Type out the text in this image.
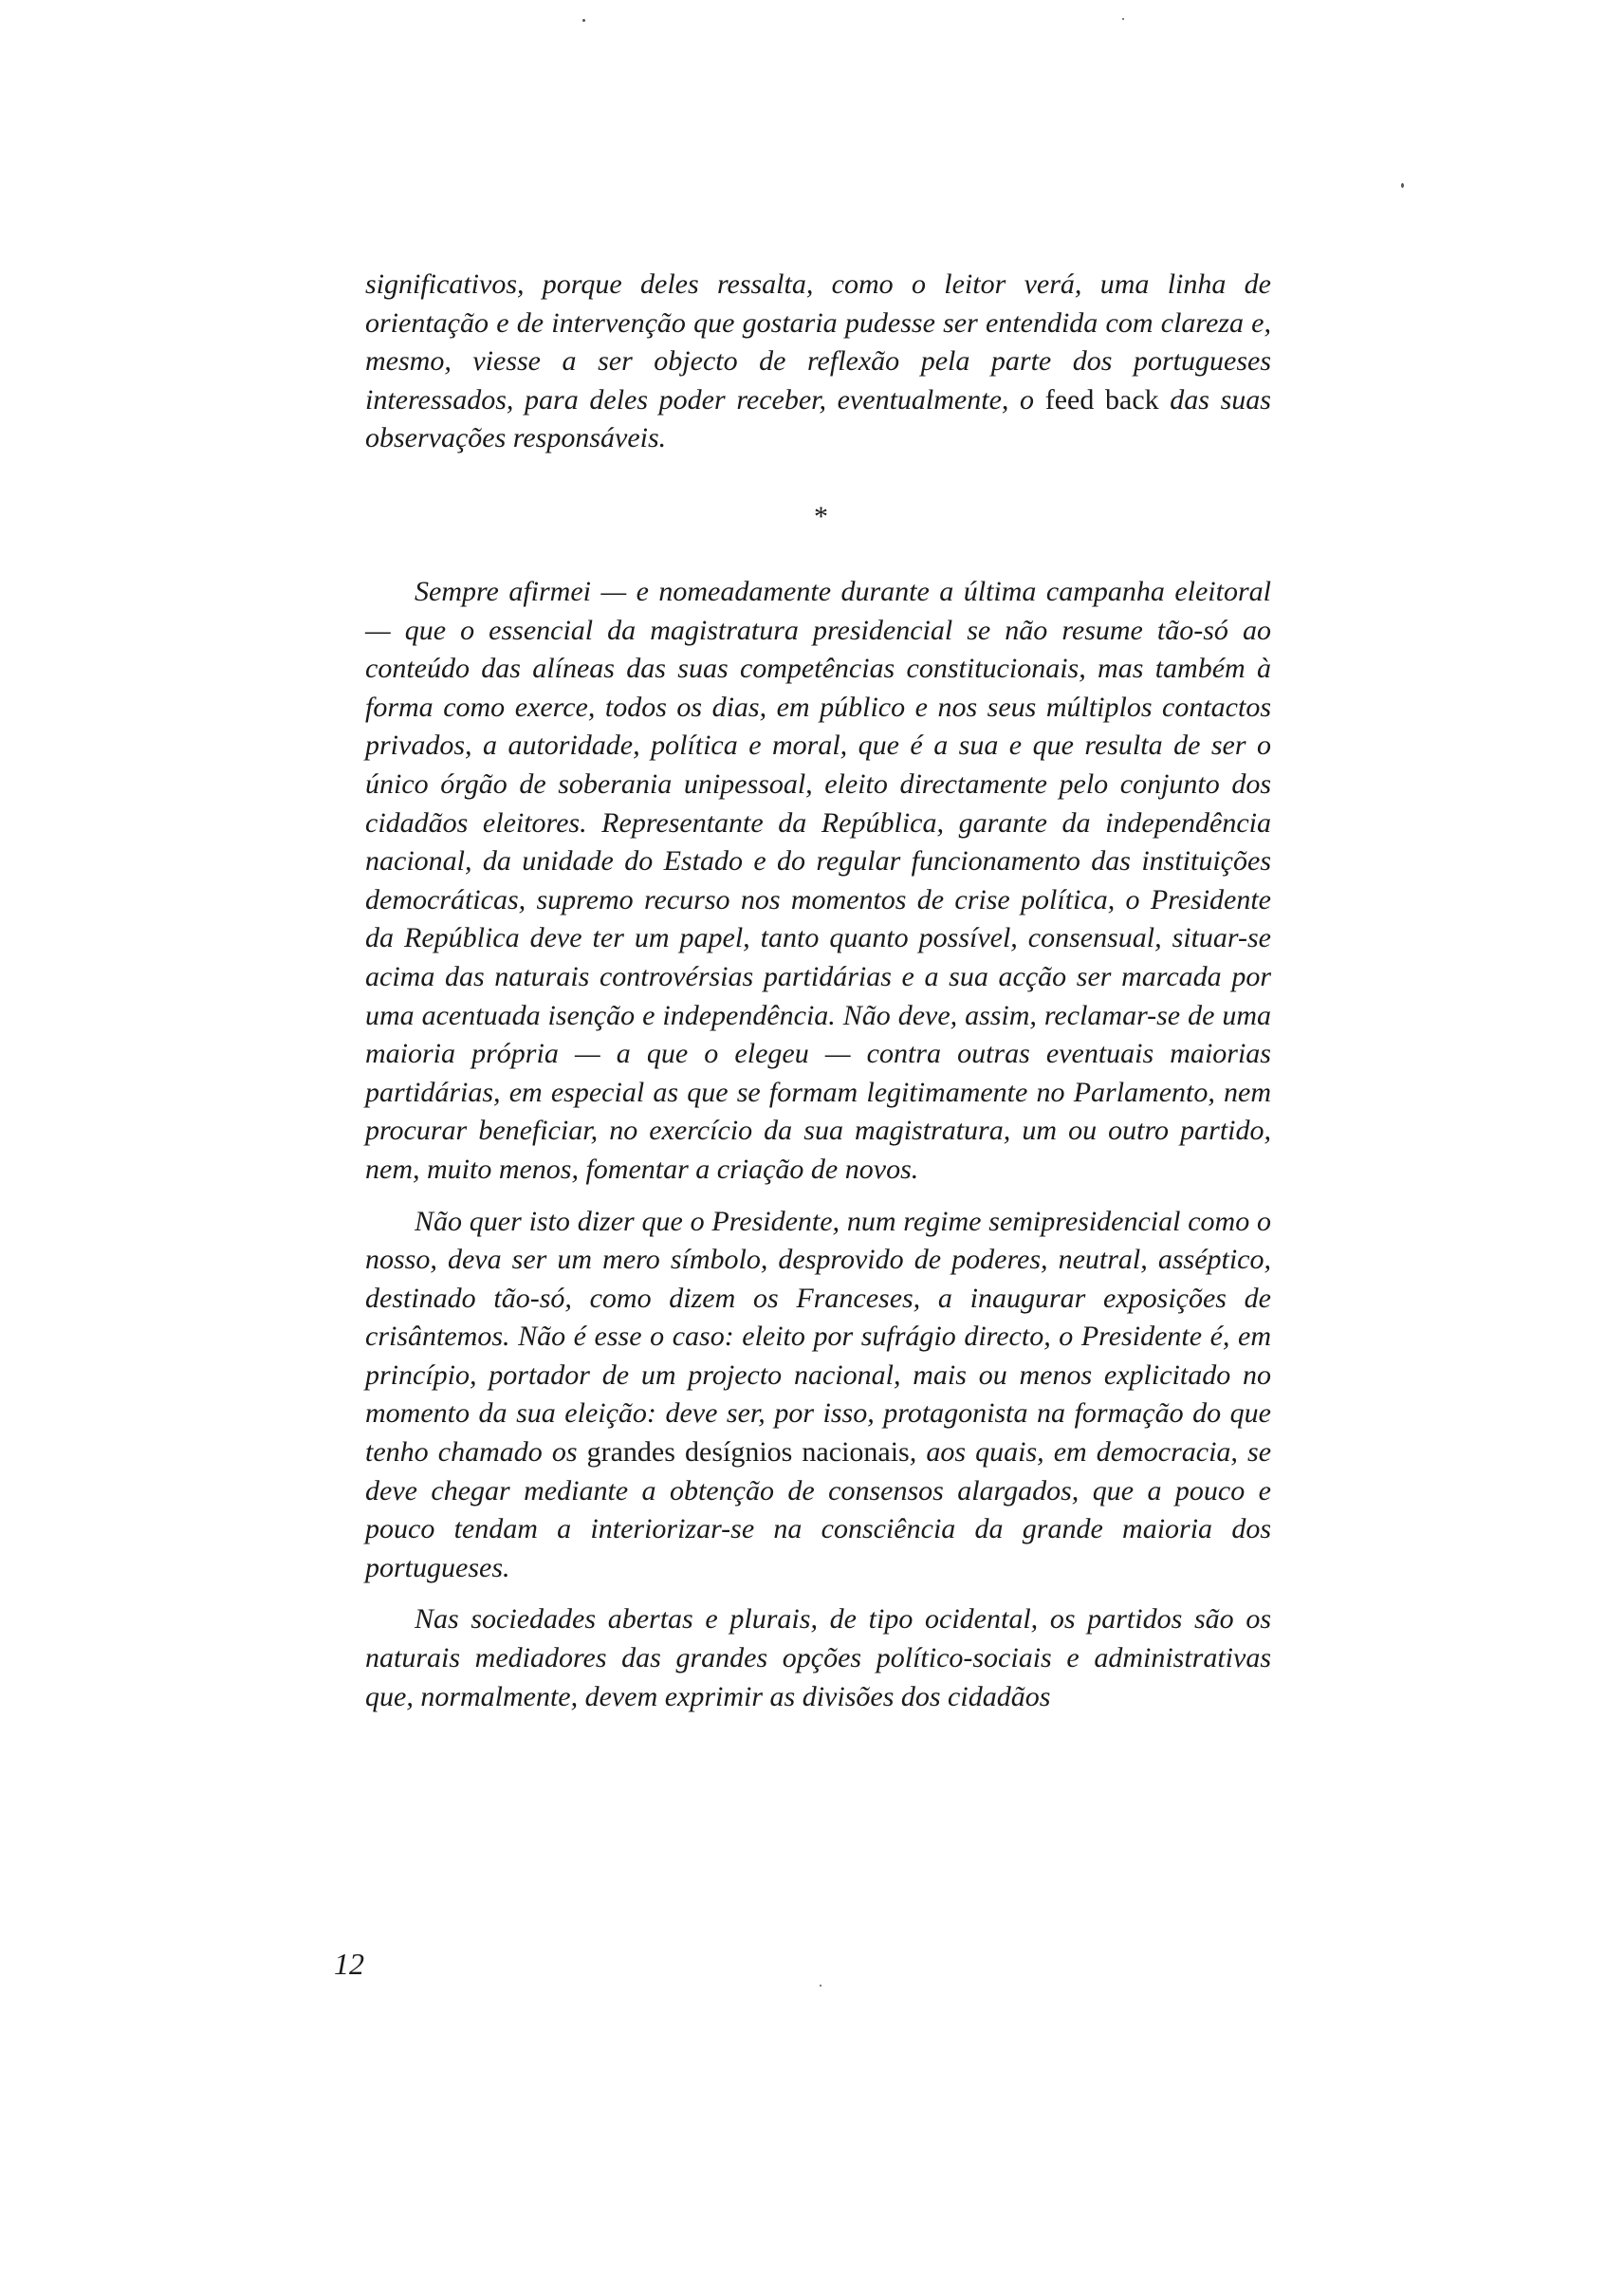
significativos, porque deles ressalta, como o leitor verá, uma linha de orientação e de intervenção que gostaria pudesse ser entendida com clareza e, mesmo, viesse a ser objecto de reflexão pela parte dos portugueses interessados, para deles poder receber, eventualmente, o feed back das suas observações responsáveis.

*

Sempre afirmei — e nomeadamente durante a última campanha eleitoral — que o essencial da magistratura presidencial se não resume tão-só ao conteúdo das alíneas das suas competências constitucionais, mas também à forma como exerce, todos os dias, em público e nos seus múltiplos contactos privados, a autoridade, política e moral, que é a sua e que resulta de ser o único órgão de soberania unipessoal, eleito directamente pelo conjunto dos cidadãos eleitores. Representante da República, garante da independência nacional, da unidade do Estado e do regular funcionamento das instituições democráticas, supremo recurso nos momentos de crise política, o Presidente da República deve ter um papel, tanto quanto possível, consensual, situar-se acima das naturais controvérsias partidárias e a sua acção ser marcada por uma acentuada isenção e independência. Não deve, assim, reclamar-se de uma maioria própria — a que o elegeu — contra outras eventuais maiorias partidárias, em especial as que se formam legitimamente no Parlamento, nem procurar beneficiar, no exercício da sua magistratura, um ou outro partido, nem, muito menos, fomentar a criação de novos.

Não quer isto dizer que o Presidente, num regime semipresidencial como o nosso, deva ser um mero símbolo, desprovido de poderes, neutral, asséptico, destinado tão-só, como dizem os Franceses, a inaugurar exposições de crisântemos. Não é esse o caso: eleito por sufrágio directo, o Presidente é, em princípio, portador de um projecto nacional, mais ou menos explicitado no momento da sua eleição: deve ser, por isso, protagonista na formação do que tenho chamado os grandes desígnios nacionais, aos quais, em democracia, se deve chegar mediante a obtenção de consensos alargados, que a pouco e pouco tendam a interiorizar-se na consciência da grande maioria dos portugueses.

Nas sociedades abertas e plurais, de tipo ocidental, os partidos são os naturais mediadores das grandes opções político-sociais e administrativas que, normalmente, devem exprimir as divisões dos cidadãos

12
